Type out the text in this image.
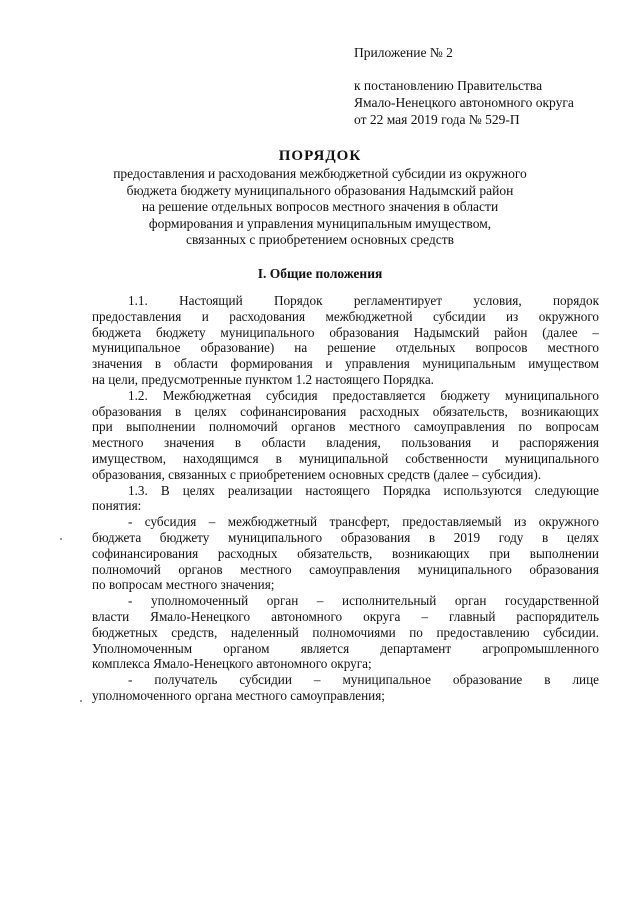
Приложение № 2
к постановлению Правительства
Ямало-Ненецкого автономного округа
от 22 мая 2019 года № 529-П
ПОРЯДОК
предоставления и расходования межбюджетной субсидии из окружного
бюджета бюджету муниципального образования Надымский район
на решение отдельных вопросов местного значения в области
формирования и управления муниципальным имуществом,
связанных с приобретением основных средств
I. Общие положения
1.1. Настоящий Порядок регламентирует условия, порядок
предоставления и расходования межбюджетной субсидии из окружного
бюджета бюджету муниципального образования Надымский район (далее –
муниципальное образование) на решение отдельных вопросов местного
значения в области формирования и управления муниципальным имуществом
на цели, предусмотренные пунктом 1.2 настоящего Порядка.
1.2. Межбюджетная субсидия предоставляется бюджету муниципального
образования в целях софинансирования расходных обязательств, возникающих
при выполнении полномочий органов местного самоуправления по вопросам
местного значения в области владения, пользования и распоряжения
имуществом, находящимся в муниципальной собственности муниципального
образования, связанных с приобретением основных средств (далее – субсидия).
1.3. В целях реализации настоящего Порядка используются следующие
понятия:
- субсидия – межбюджетный трансферт, предоставляемый из окружного
бюджета бюджету муниципального образования в 2019 году в целях
софинансирования расходных обязательств, возникающих при выполнении
полномочий органов местного самоуправления муниципального образования
по вопросам местного значения;
- уполномоченный орган – исполнительный орган государственной
власти Ямало-Ненецкого автономного округа – главный распорядитель
бюджетных средств, наделенный полномочиями по предоставлению субсидии.
Уполномоченным органом является департамент агропромышленного
комплекса Ямало-Ненецкого автономного округа;
- получатель субсидии – муниципальное образование в лице
уполномоченного органа местного самоуправления;
